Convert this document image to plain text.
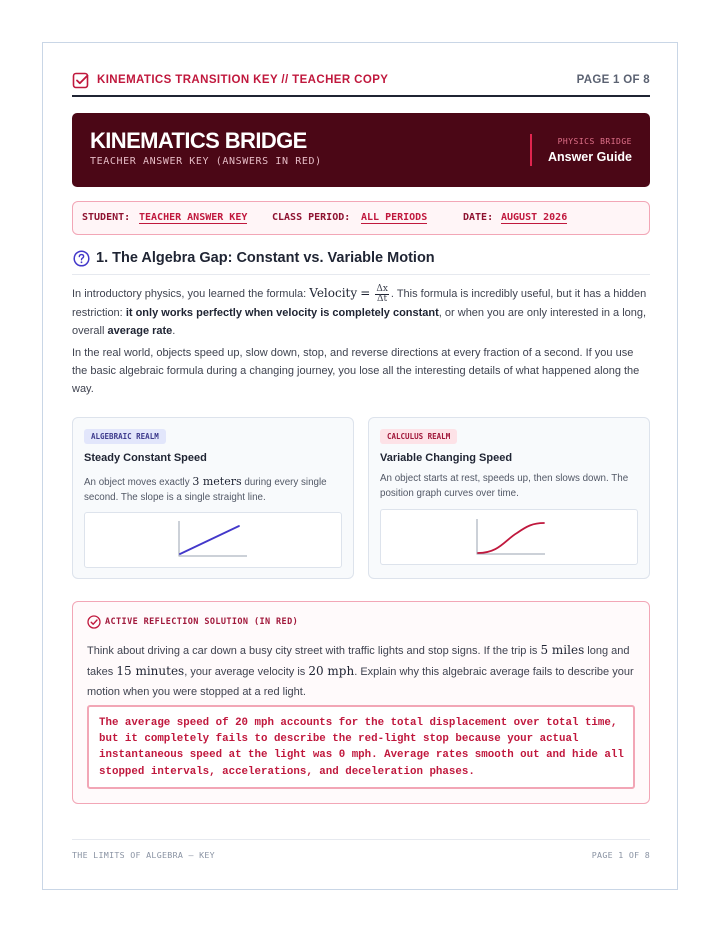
KINEMATICS TRANSITION KEY // TEACHER COPY	PAGE 1 OF 8
KINEMATICS BRIDGE
TEACHER ANSWER KEY (ANSWERS IN RED)
PHYSICS BRIDGE
Answer Guide
STUDENT: TEACHER ANSWER KEY CLASS PERIOD: ALL PERIODS	DATE: AUGUST 2026
1. The Algebra Gap: Constant vs. Variable Motion

In introductory physics, you learned the formula: Velocity = $\frac{\Delta x}{\Delta t}$ . This formula is incredibly useful, but it has a hidden restriction: it only works perfectly when velocity is completely constant, or when you are only interested in a long, overall average rate.

In the real world, objects speed up, slow down, stop, and reverse directions at every fraction of a second. If you use the basic algebraic formula during a changing journey, you lose all the interesting details of what happened along the way.

ALGEBRAIC REALM
Steady Constant Speed
An object moves exactly 3 meters during every single second. The slope is a single straight line.
CALCULUS REALM
Variable Changing Speed
An object starts at rest, speeds up, then slows down. The position graph curves over time.
ACTIVE REFLECTION SOLUTION (IN RED)

Think about driving a car down a busy city street with traffic lights and stop signs. If the trip is 5 miles long and takes 15 minutes, your average velocity is 20 mph. Explain why this algebraic average fails to describe your motion when you were stopped at a red light.

The average speed of 20 mph accounts for the total displacement over total time, but it completely fails to describe the red-light stop because your actual instantaneous speed at the light was 0 mph. Average rates smooth out and hide all stopped intervals, accelerations, and deceleration phases.

THE LIMITS OF ALGEBRA — KEY	PAGE 1 OF 8
